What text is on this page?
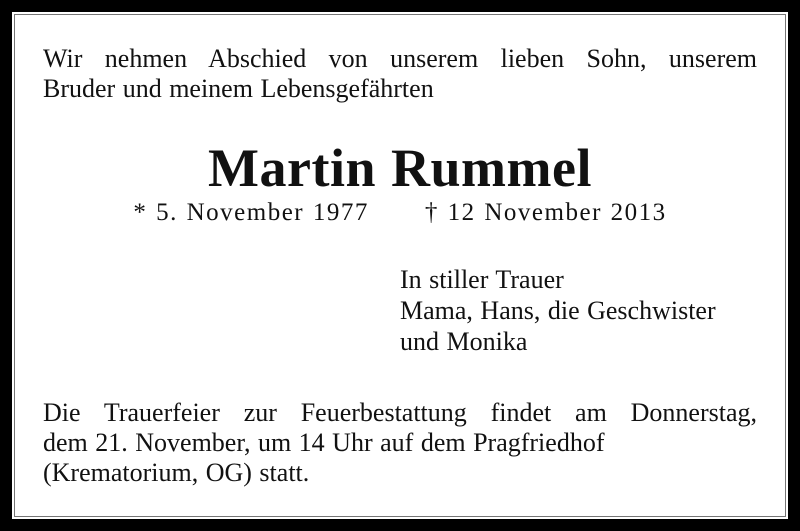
Wir nehmen Abschied von unserem lieben Sohn, unserem
Bruder und meinem Lebensgefährten
Martin Rummel
* 5. November 1977 † 12 November 2013
In stiller Trauer
Mama, Hans, die Geschwister
und Monika
Die Trauerfeier zur Feuerbestattung findet am Donnerstag,
dem 21. November, um 14 Uhr auf dem Pragfriedhof
(Krematorium, OG) statt.
